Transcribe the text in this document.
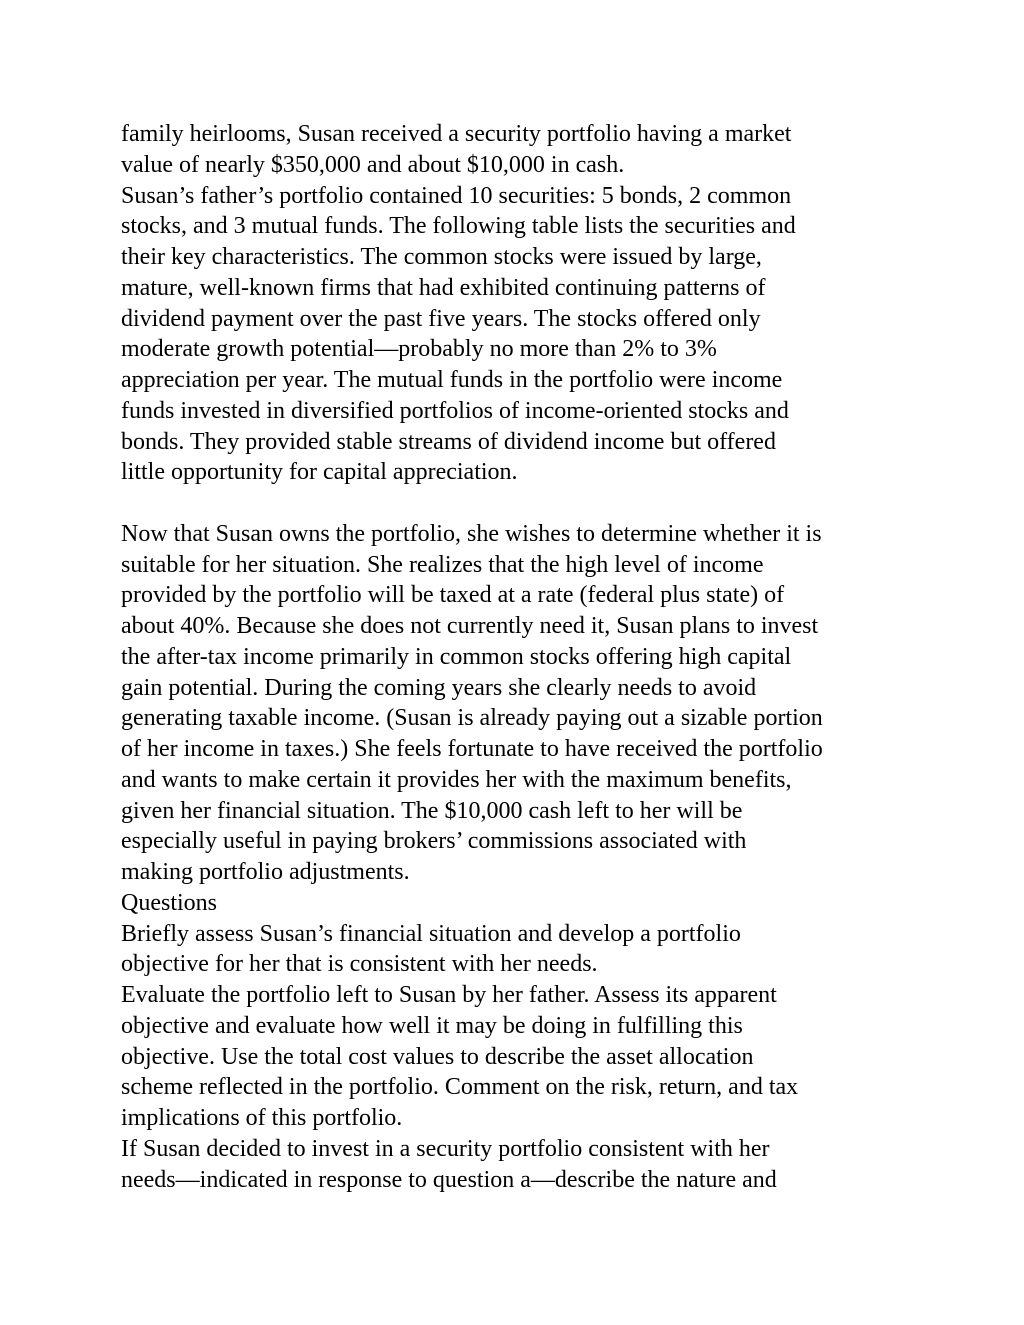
family heirlooms, Susan received a security portfolio having a market
value of nearly $350,000 and about $10,000 in cash.
Susan’s father’s portfolio contained 10 securities: 5 bonds, 2 common
stocks, and 3 mutual funds. The following table lists the securities and
their key characteristics. The common stocks were issued by large,
mature, well-known firms that had exhibited continuing patterns of
dividend payment over the past five years. The stocks offered only
moderate growth potential—probably no more than 2% to 3%
appreciation per year. The mutual funds in the portfolio were income
funds invested in diversified portfolios of income-oriented stocks and
bonds. They provided stable streams of dividend income but offered
little opportunity for capital appreciation.
Now that Susan owns the portfolio, she wishes to determine whether it is
suitable for her situation. She realizes that the high level of income
provided by the portfolio will be taxed at a rate (federal plus state) of
about 40%. Because she does not currently need it, Susan plans to invest
the after-tax income primarily in common stocks offering high capital
gain potential. During the coming years she clearly needs to avoid
generating taxable income. (Susan is already paying out a sizable portion
of her income in taxes.) She feels fortunate to have received the portfolio
and wants to make certain it provides her with the maximum benefits,
given her financial situation. The $10,000 cash left to her will be
especially useful in paying brokers’ commissions associated with
making portfolio adjustments.
Questions
Briefly assess Susan’s financial situation and develop a portfolio
objective for her that is consistent with her needs.
Evaluate the portfolio left to Susan by her father. Assess its apparent
objective and evaluate how well it may be doing in fulfilling this
objective. Use the total cost values to describe the asset allocation
scheme reflected in the portfolio. Comment on the risk, return, and tax
implications of this portfolio.
If Susan decided to invest in a security portfolio consistent with her
needs—indicated in response to question a—describe the nature and
